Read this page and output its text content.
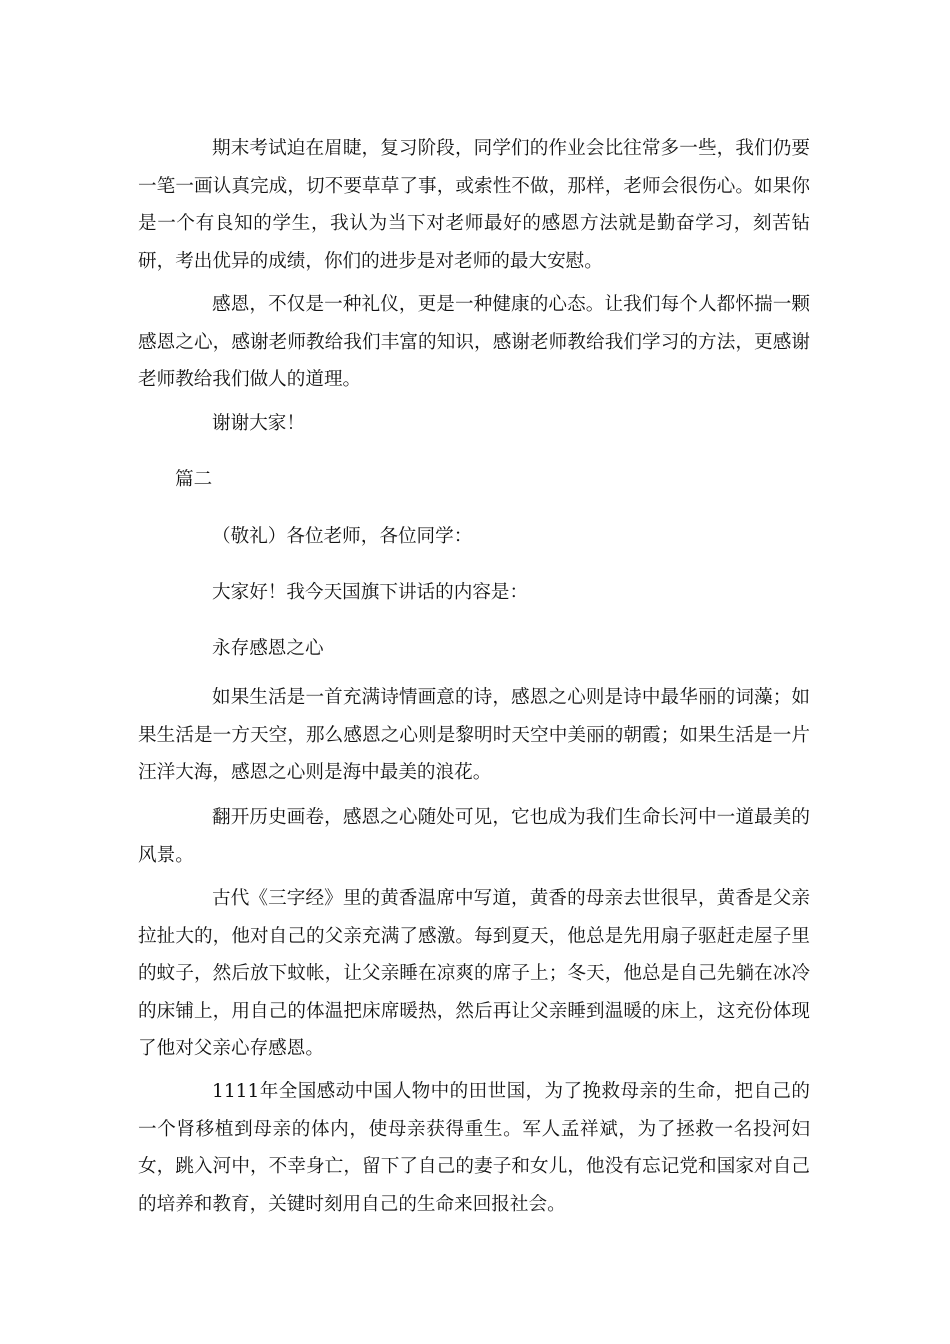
期末考试迫在眉睫，复习阶段，同学们的作业会比往常多一些，我们仍要一笔一画认真完成，切不要草草了事，或索性不做，那样，老师会很伤心。如果你是一个有良知的学生，我认为当下对老师最好的感恩方法就是勤奋学习，刻苦钻研，考出优异的成绩，你们的进步是对老师的最大安慰。

感恩，不仅是一种礼仪，更是一种健康的心态。让我们每个人都怀揣一颗感恩之心，感谢老师教给我们丰富的知识，感谢老师教给我们学习的方法，更感谢老师教给我们做人的道理。

谢谢大家！

篇二

（敬礼）各位老师，各位同学：

大家好！我今天国旗下讲话的内容是：

永存感恩之心

如果生活是一首充满诗情画意的诗，感恩之心则是诗中最华丽的词藻；如果生活是一方天空，那么感恩之心则是黎明时天空中美丽的朝霞；如果生活是一片汪洋大海，感恩之心则是海中最美的浪花。

翻开历史画卷，感恩之心随处可见，它也成为我们生命长河中一道最美的风景。

古代《三字经》里的黄香温席中写道，黄香的母亲去世很早，黄香是父亲拉扯大的，他对自己的父亲充满了感激。每到夏天，他总是先用扇子驱赶走屋子里的蚊子，然后放下蚊帐，让父亲睡在凉爽的席子上；冬天，他总是自己先躺在冰冷的床铺上，用自己的体温把床席暖热，然后再让父亲睡到温暖的床上，这充份体现了他对父亲心存感恩。

1111年全国感动中国人物中的田世国，为了挽救母亲的生命，把自己的一个肾移植到母亲的体内，使母亲获得重生。军人孟祥斌，为了拯救一名投河妇女，跳入河中，不幸身亡，留下了自己的妻子和女儿，他没有忘记党和国家对自己的培养和教育，关键时刻用自己的生命来回报社会。
